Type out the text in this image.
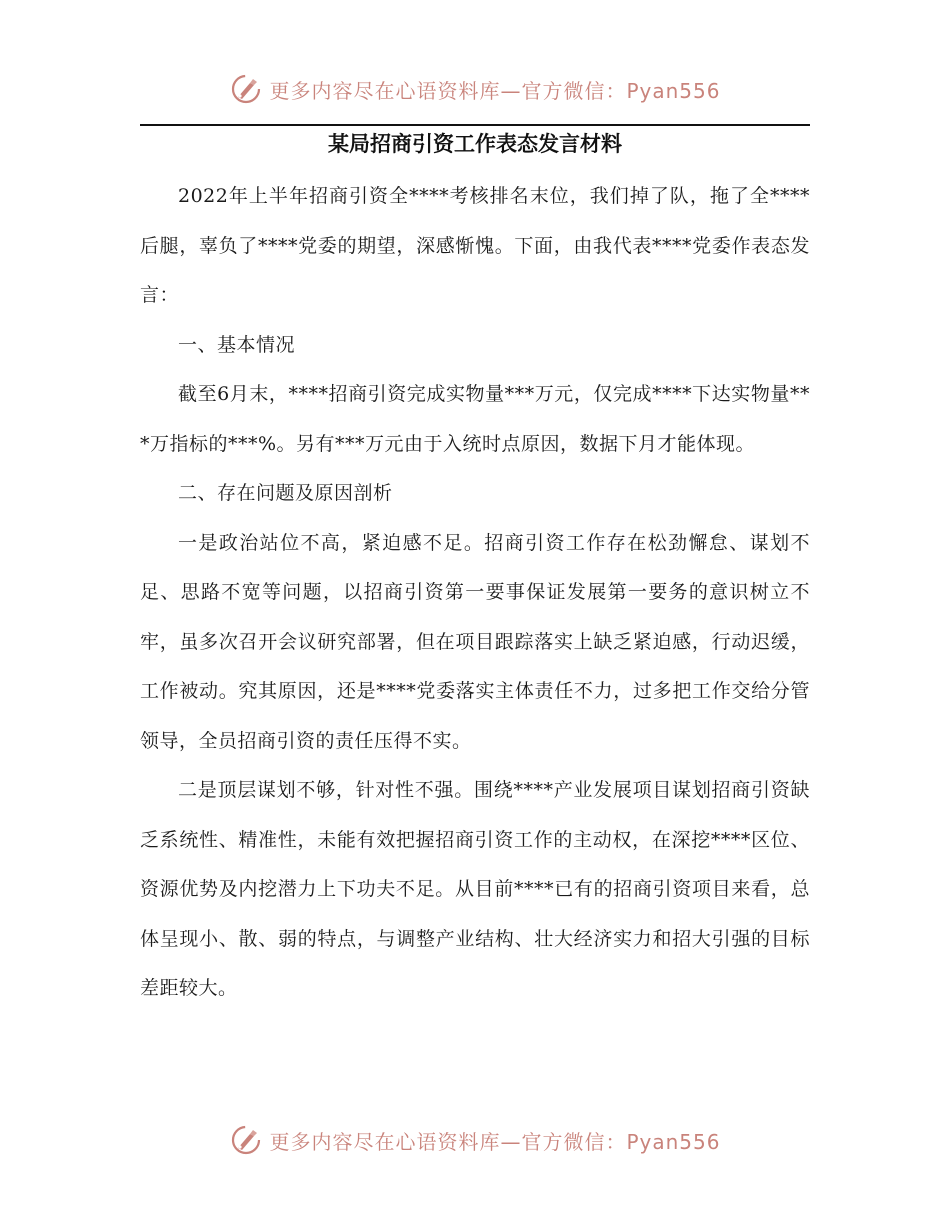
更多内容尽在心语资料库—官方微信：Pyan556
某局招商引资工作表态发言材料

2022年上半年招商引资全****考核排名末位，我们掉了队，拖了全****后腿，辜负了****党委的期望，深感惭愧。下面，由我代表****党委作表态发言：

一、基本情况

截至6月末，****招商引资完成实物量***万元，仅完成****下达实物量***万指标的***%。另有***万元由于入统时点原因，数据下月才能体现。

二、存在问题及原因剖析

一是政治站位不高，紧迫感不足。招商引资工作存在松劲懈怠、谋划不足、思路不宽等问题，以招商引资第一要事保证发展第一要务的意识树立不牢，虽多次召开会议研究部署，但在项目跟踪落实上缺乏紧迫感，行动迟缓，工作被动。究其原因，还是****党委落实主体责任不力，过多把工作交给分管领导，全员招商引资的责任压得不实。

二是顶层谋划不够，针对性不强。围绕****产业发展项目谋划招商引资缺乏系统性、精准性，未能有效把握招商引资工作的主动权，在深挖****区位、资源优势及内挖潜力上下功夫不足。从目前****已有的招商引资项目来看，总体呈现小、散、弱的特点，与调整产业结构、壮大经济实力和招大引强的目标差距较大。

更多内容尽在心语资料库—官方微信：Pyan556
